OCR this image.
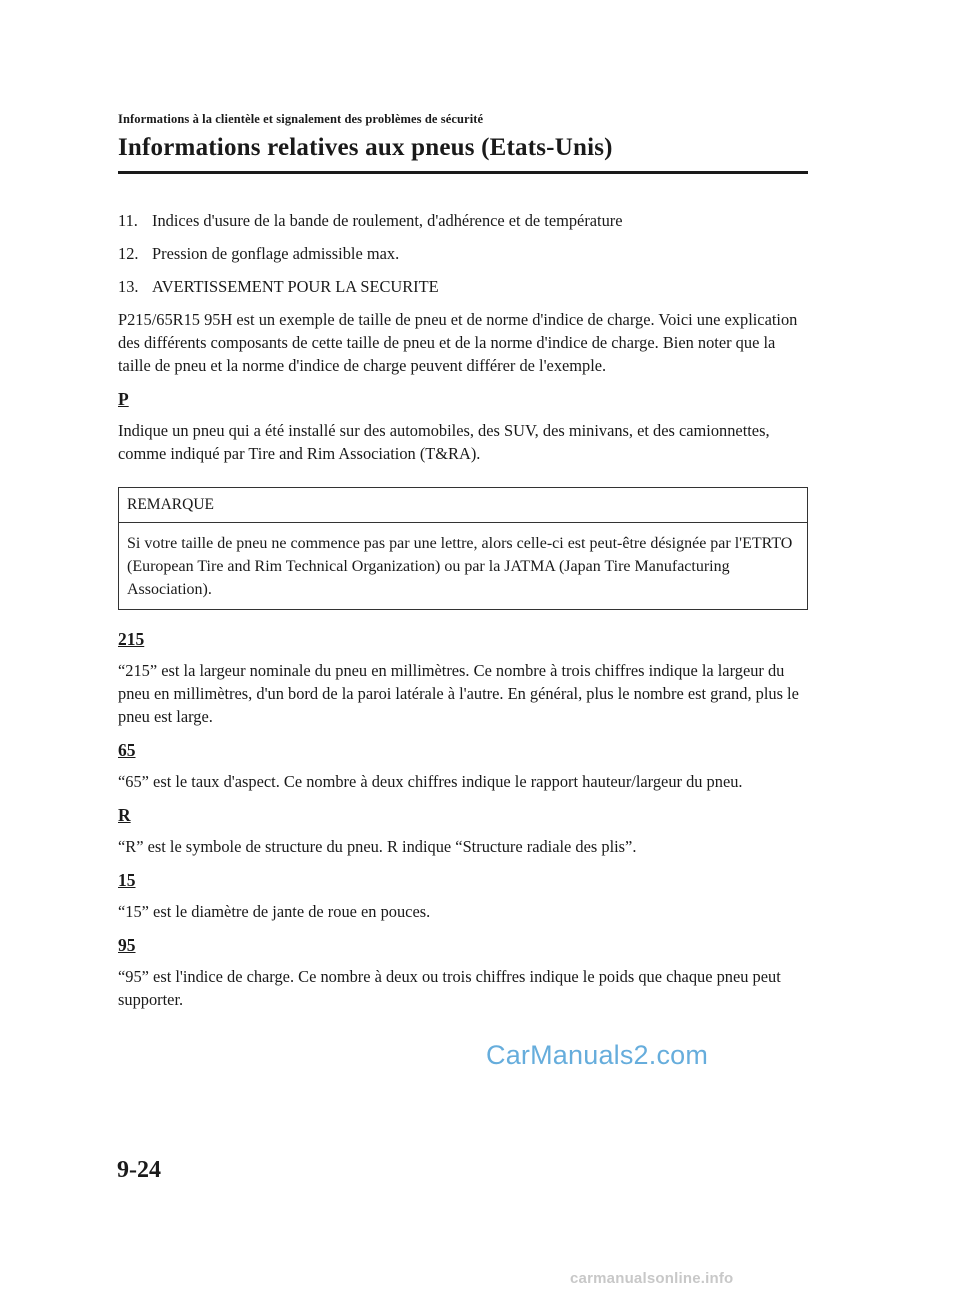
Informations à la clientèle et signalement des problèmes de sécurité
Informations relatives aux pneus (Etats-Unis)
11. Indices d'usure de la bande de roulement, d'adhérence et de température
12. Pression de gonflage admissible max.
13. AVERTISSEMENT POUR LA SECURITE

P215/65R15 95H est un exemple de taille de pneu et de norme d'indice de charge. Voici une explication des différents composants de cette taille de pneu et de la norme d'indice de charge. Bien noter que la taille de pneu et la norme d'indice de charge peuvent différer de l'exemple.

P

Indique un pneu qui a été installé sur des automobiles, des SUV, des minivans, et des camionnettes, comme indiqué par Tire and Rim Association (T&RA).

REMARQUE
Si votre taille de pneu ne commence pas par une lettre, alors celle-ci est peut-être désignée par l'ETRTO (European Tire and Rim Technical Organization) ou par la JATMA (Japan Tire Manufacturing Association).
215

“215” est la largeur nominale du pneu en millimètres. Ce nombre à trois chiffres indique la largeur du pneu en millimètres, d'un bord de la paroi latérale à l'autre. En général, plus le nombre est grand, plus le pneu est large.

65

“65” est le taux d'aspect. Ce nombre à deux chiffres indique le rapport hauteur/largeur du pneu.

R

“R” est le symbole de structure du pneu. R indique “Structure radiale des plis”.

15

“15” est le diamètre de jante de roue en pouces.

95

“95” est l'indice de charge. Ce nombre à deux ou trois chiffres indique le poids que chaque pneu peut supporter.

CarManuals2.com
9-24
carmanualsonline.info
